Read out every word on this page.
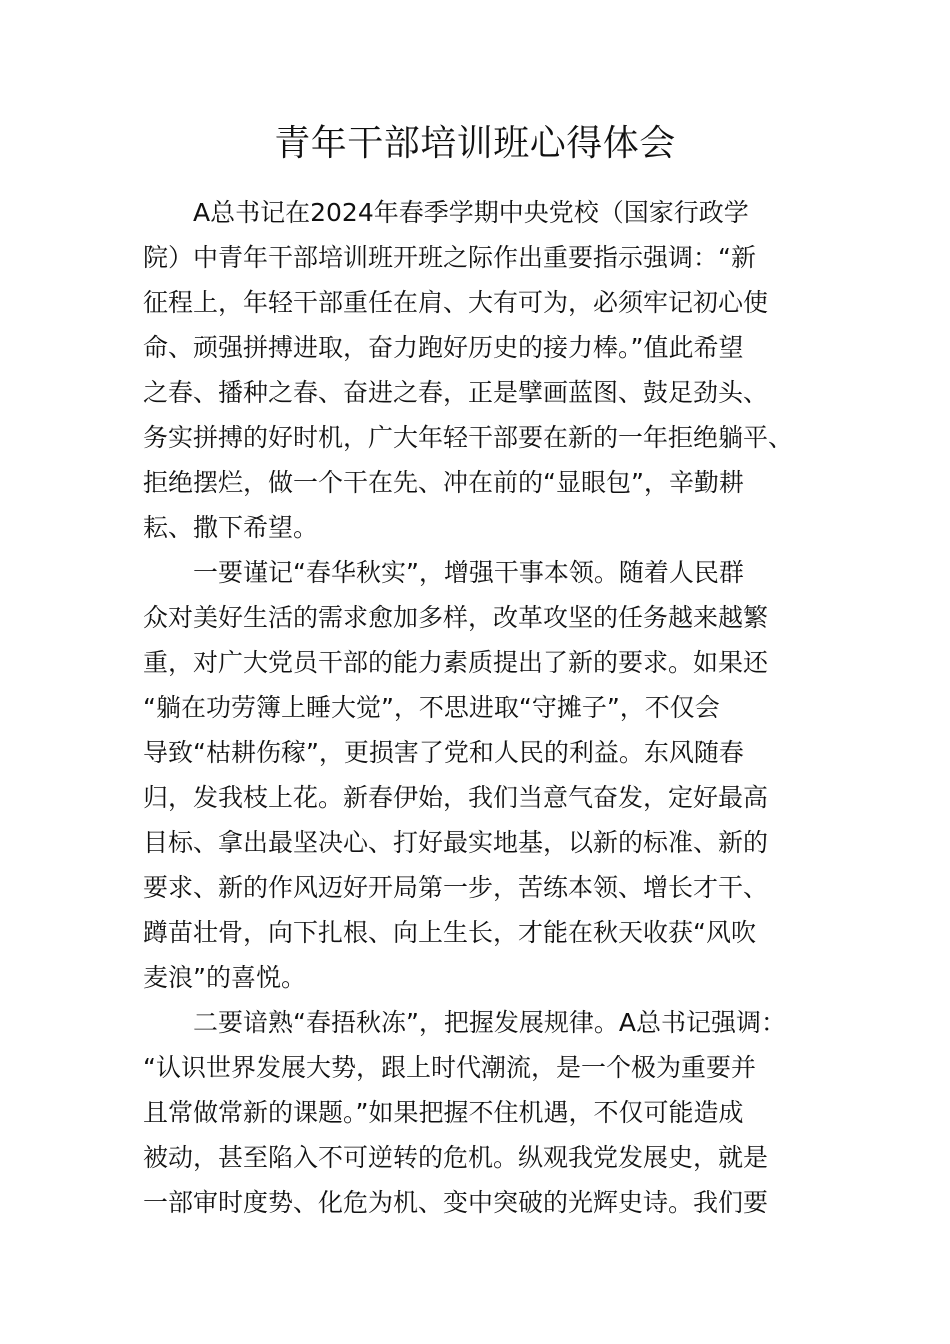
青年干部培训班心得体会
A总书记在2024年春季学期中央党校（国家行政学
院）中青年干部培训班开班之际作出重要指示强调：“新
征程上，年轻干部重任在肩、大有可为，必须牢记初心使
命、顽强拼搏进取，奋力跑好历史的接力棒。”值此希望
之春、播种之春、奋进之春，正是擘画蓝图、鼓足劲头、
务实拼搏的好时机，广大年轻干部要在新的一年拒绝躺平、
拒绝摆烂，做一个干在先、冲在前的“显眼包”，辛勤耕
耘、撒下希望。
一要谨记“春华秋实”，增强干事本领。随着人民群
众对美好生活的需求愈加多样，改革攻坚的任务越来越繁
重，对广大党员干部的能力素质提出了新的要求。如果还
“躺在功劳簿上睡大觉”，不思进取“守摊子”，不仅会
导致“枯耕伤稼”，更损害了党和人民的利益。东风随春
归，发我枝上花。新春伊始，我们当意气奋发，定好最高
目标、拿出最坚决心、打好最实地基，以新的标准、新的
要求、新的作风迈好开局第一步，苦练本领、增长才干、
蹲苗壮骨，向下扎根、向上生长，才能在秋天收获“风吹
麦浪”的喜悦。
二要谙熟“春捂秋冻”，把握发展规律。A总书记强调：
“认识世界发展大势，跟上时代潮流，是一个极为重要并
且常做常新的课题。”如果把握不住机遇，不仅可能造成
被动，甚至陷入不可逆转的危机。纵观我党发展史，就是
一部审时度势、化危为机、变中突破的光辉史诗。我们要
